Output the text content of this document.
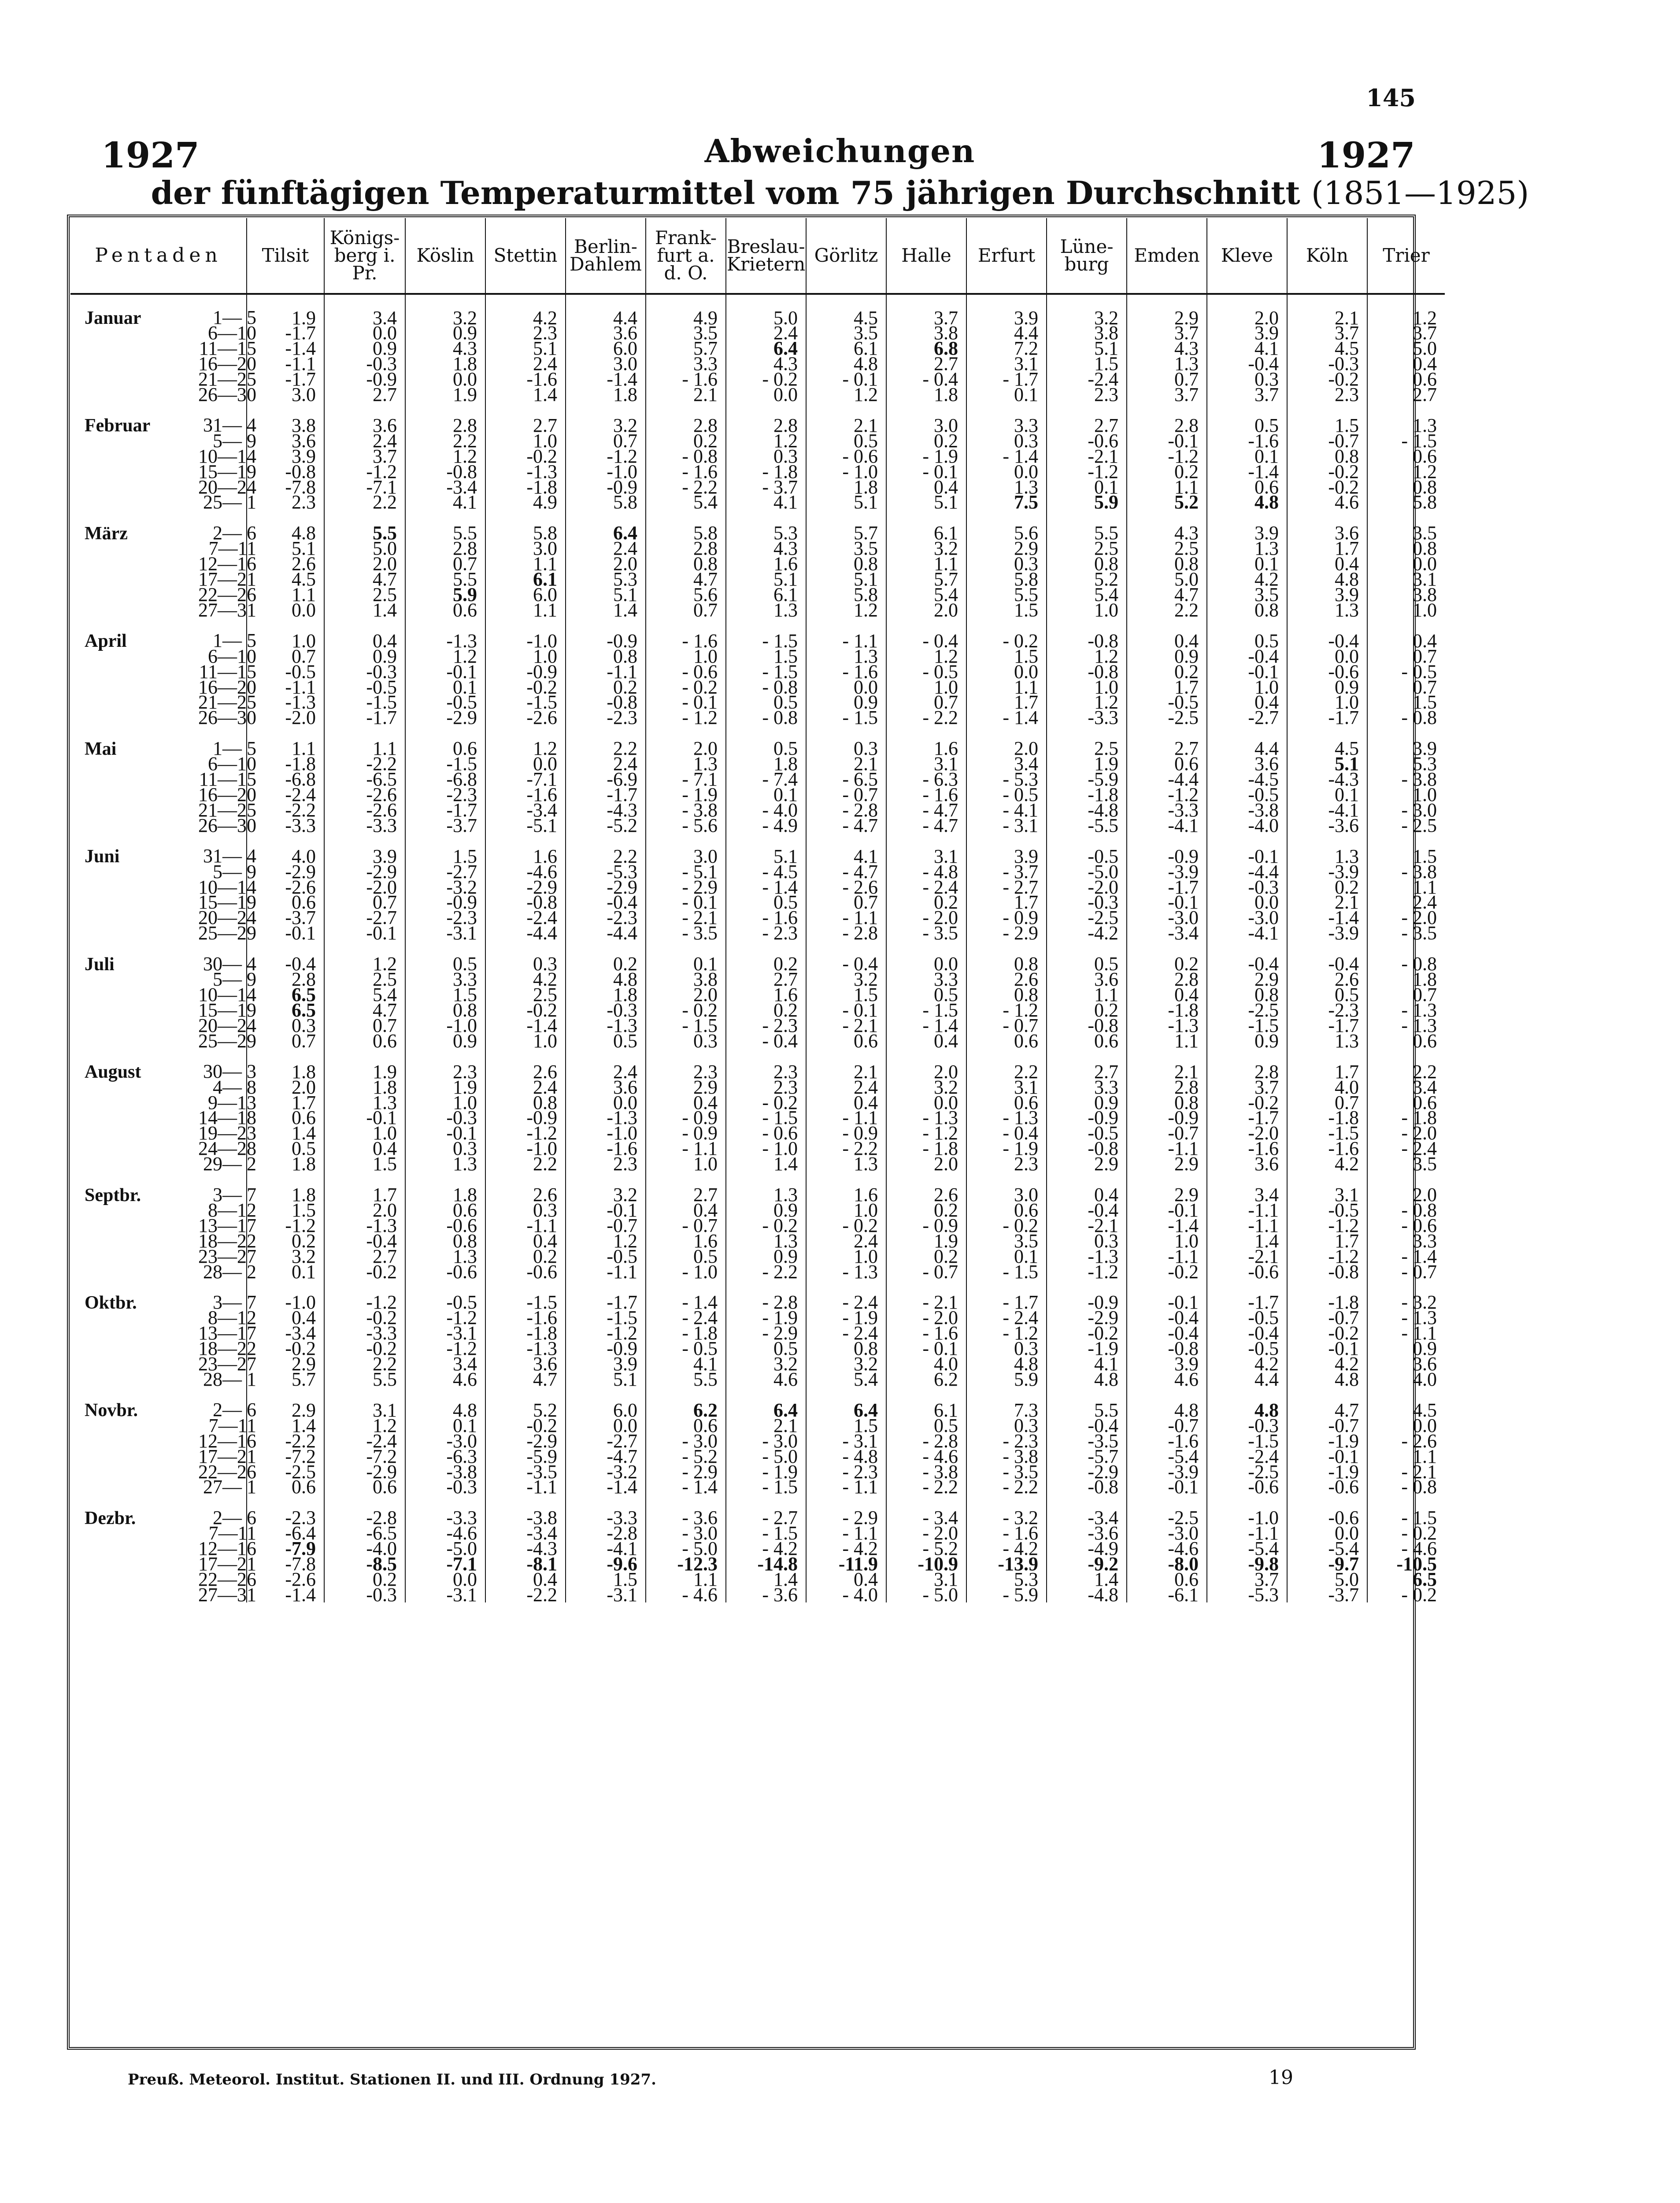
145
1927	1927
Abweichungen
der fünftägigen Temperaturmittel vom 75 jährigen Durchschnitt (1851—1925)
Pentaden	Tilsit	Königs-berg i. Pr.	Köslin	Stettin	Berlin-Dahlem	Frank-furt a. d. O.	Breslau-Krietern	Görlitz	Halle	Erfurt	Lüne-burg	Emden	Kleve	Köln	Trier

Januar 1— 5	1.9	3.4	3.2	4.2	4.4	4.9	5.0	4.5	3.7	3.9	3.2	2.9	2.0	2.1	1.2
6—10	-1.7	0.0	0.9	2.3	3.6	3.5	2.4	3.5	3.8	4.4	3.8	3.7	3.9	3.7	3.7
11—15	-1.4	0.9	4.3	5.1	6.0	5.7	6.4	6.1	6.8	7.2	5.1	4.3	4.1	4.5	5.0
16—20	-1.1	-0.3	1.8	2.4	3.0	3.3	4.3	4.8	2.7	3.1	1.5	1.3	-0.4	-0.3	0.4
21—25	-1.7	-0.9	0.0	-1.6	-1.4	- 1.6	- 0.2	- 0.1	- 0.4	- 1.7	-2.4	0.7	0.3	-0.2	0.6
26—30	3.0	2.7	1.9	1.4	1.8	2.1	0.0	1.2	1.8	0.1	2.3	3.7	3.7	2.3	2.7

Februar 31— 4	3.8	3.6	2.8	2.7	3.2	2.8	2.8	2.1	3.0	3.3	2.7	2.8	0.5	1.5	1.3
5— 9	3.6	2.4	2.2	1.0	0.7	0.2	1.2	0.5	0.2	0.3	-0.6	-0.1	-1.6	-0.7	- 1.5
10—14	3.9	3.7	1.2	-0.2	-1.2	- 0.8	0.3	- 0.6	- 1.9	- 1.4	-2.1	-1.2	0.1	0.8	0.6
15—19	-0.8	-1.2	-0.8	-1.3	-1.0	- 1.6	- 1.8	- 1.0	- 0.1	0.0	-1.2	0.2	-1.4	-0.2	1.2
20—24	-7.8	-7.1	-3.4	-1.8	-0.9	- 2.2	- 3.7	1.8	0.4	1.3	0.1	1.1	0.6	-0.2	0.8
25— 1	2.3	2.2	4.1	4.9	5.8	5.4	4.1	5.1	5.1	7.5	5.9	5.2	4.8	4.6	5.8

März 2— 6	4.8	5.5	5.5	5.8	6.4	5.8	5.3	5.7	6.1	5.6	5.5	4.3	3.9	3.6	3.5
7—11	5.1	5.0	2.8	3.0	2.4	2.8	4.3	3.5	3.2	2.9	2.5	2.5	1.3	1.7	0.8
12—16	2.6	2.0	0.7	1.1	2.0	0.8	1.6	0.8	1.1	0.3	0.8	0.8	0.1	0.4	0.0
17—21	4.5	4.7	5.5	6.1	5.3	4.7	5.1	5.1	5.7	5.8	5.2	5.0	4.2	4.8	3.1
22—26	1.1	2.5	5.9	6.0	5.1	5.6	6.1	5.8	5.4	5.5	5.4	4.7	3.5	3.9	3.8
27—31	0.0	1.4	0.6	1.1	1.4	0.7	1.3	1.2	2.0	1.5	1.0	2.2	0.8	1.3	1.0

April 1— 5	1.0	0.4	-1.3	-1.0	-0.9	- 1.6	- 1.5	- 1.1	- 0.4	- 0.2	-0.8	0.4	0.5	-0.4	0.4
6—10	0.7	0.9	1.2	1.0	0.8	1.0	1.5	1.3	1.2	1.5	1.2	0.9	-0.4	0.0	0.7
11—15	-0.5	-0.3	-0.1	-0.9	-1.1	- 0.6	- 1.5	- 1.6	- 0.5	0.0	-0.8	0.2	-0.1	-0.6	- 0.5
16—20	-1.1	-0.5	0.1	-0.2	0.2	- 0.2	- 0.8	0.0	1.0	1.1	1.0	1.7	1.0	0.9	0.7
21—25	-1.3	-1.5	-0.5	-1.5	-0.8	- 0.1	0.5	0.9	0.7	1.7	1.2	-0.5	0.4	1.0	1.5
26—30	-2.0	-1.7	-2.9	-2.6	-2.3	- 1.2	- 0.8	- 1.5	- 2.2	- 1.4	-3.3	-2.5	-2.7	-1.7	- 0.8

Mai 1— 5	1.1	1.1	0.6	1.2	2.2	2.0	0.5	0.3	1.6	2.0	2.5	2.7	4.4	4.5	3.9
6—10	-1.8	-2.2	-1.5	0.0	2.4	1.3	1.8	2.1	3.1	3.4	1.9	0.6	3.6	5.1	5.3
11—15	-6.8	-6.5	-6.8	-7.1	-6.9	- 7.1	- 7.4	- 6.5	- 6.3	- 5.3	-5.9	-4.4	-4.5	-4.3	- 3.8
16—20	-2.4	-2.6	-2.3	-1.6	-1.7	- 1.9	0.1	- 0.7	- 1.6	- 0.5	-1.8	-1.2	-0.5	0.1	1.0
21—25	-2.2	-2.6	-1.7	-3.4	-4.3	- 3.8	- 4.0	- 2.8	- 4.7	- 4.1	-4.8	-3.3	-3.8	-4.1	- 3.0
26—30	-3.3	-3.3	-3.7	-5.1	-5.2	- 5.6	- 4.9	- 4.7	- 4.7	- 3.1	-5.5	-4.1	-4.0	-3.6	- 2.5

Juni 31— 4	4.0	3.9	1.5	1.6	2.2	3.0	5.1	4.1	3.1	3.9	-0.5	-0.9	-0.1	1.3	1.5
5— 9	-2.9	-2.9	-2.7	-4.6	-5.3	- 5.1	- 4.5	- 4.7	- 4.8	- 3.7	-5.0	-3.9	-4.4	-3.9	- 3.8
10—14	-2.6	-2.0	-3.2	-2.9	-2.9	- 2.9	- 1.4	- 2.6	- 2.4	- 2.7	-2.0	-1.7	-0.3	0.2	1.1
15—19	0.6	0.7	-0.9	-0.8	-0.4	- 0.1	0.5	0.7	0.2	1.7	-0.3	-0.1	0.0	2.1	2.4
20—24	-3.7	-2.7	-2.3	-2.4	-2.3	- 2.1	- 1.6	- 1.1	- 2.0	- 0.9	-2.5	-3.0	-3.0	-1.4	- 2.0
25—29	-0.1	-0.1	-3.1	-4.4	-4.4	- 3.5	- 2.3	- 2.8	- 3.5	- 2.9	-4.2	-3.4	-4.1	-3.9	- 3.5

Juli 30— 4	-0.4	1.2	0.5	0.3	0.2	0.1	0.2	- 0.4	0.0	0.8	0.5	0.2	-0.4	-0.4	- 0.8
5— 9	2.8	2.5	3.3	4.2	4.8	3.8	2.7	3.2	3.3	2.6	3.6	2.8	2.9	2.6	1.8
10—14	6.5	5.4	1.5	2.5	1.8	2.0	1.6	1.5	0.5	0.8	1.1	0.4	0.8	0.5	0.7
15—19	6.5	4.7	0.8	-0.2	-0.3	- 0.2	0.2	- 0.1	- 1.5	- 1.2	0.2	-1.8	-2.5	-2.3	- 1.3
20—24	0.3	0.7	-1.0	-1.4	-1.3	- 1.5	- 2.3	- 2.1	- 1.4	- 0.7	-0.8	-1.3	-1.5	-1.7	- 1.3
25—29	0.7	0.6	0.9	1.0	0.5	0.3	- 0.4	0.6	0.4	0.6	0.6	1.1	0.9	1.3	0.6

August 30— 3	1.8	1.9	2.3	2.6	2.4	2.3	2.3	2.1	2.0	2.2	2.7	2.1	2.8	1.7	2.2
4— 8	2.0	1.8	1.9	2.4	3.6	2.9	2.3	2.4	3.2	3.1	3.3	2.8	3.7	4.0	3.4
9—13	1.7	1.3	1.0	0.8	0.0	0.4	- 0.2	0.4	0.0	0.6	0.9	0.8	-0.2	0.7	0.6
14—18	0.6	-0.1	-0.3	-0.9	-1.3	- 0.9	- 1.5	- 1.1	- 1.3	- 1.3	-0.9	-0.9	-1.7	-1.8	- 1.8
19—23	1.4	1.0	-0.1	-1.2	-1.0	- 0.9	- 0.6	- 0.9	- 1.2	- 0.4	-0.5	-0.7	-2.0	-1.5	- 2.0
24—28	0.5	0.4	0.3	-1.0	-1.6	- 1.1	- 1.0	- 2.2	- 1.8	- 1.9	-0.8	-1.1	-1.6	-1.6	- 2.4
29— 2	1.8	1.5	1.3	2.2	2.3	1.0	1.4	1.3	2.0	2.3	2.9	2.9	3.6	4.2	3.5

Septbr. 3— 7	1.8	1.7	1.8	2.6	3.2	2.7	1.3	1.6	2.6	3.0	0.4	2.9	3.4	3.1	2.0
8—12	1.5	2.0	0.6	0.3	-0.1	0.4	0.9	1.0	0.2	0.6	-0.4	-0.1	-1.1	-0.5	- 0.8
13—17	-1.2	-1.3	-0.6	-1.1	-0.7	- 0.7	- 0.2	- 0.2	- 0.9	- 0.2	-2.1	-1.4	-1.1	-1.2	- 0.6
18—22	0.2	-0.4	0.8	0.4	1.2	1.6	1.3	2.4	1.9	3.5	0.3	1.0	1.4	1.7	3.3
23—27	3.2	2.7	1.3	0.2	-0.5	0.5	0.9	1.0	0.2	0.1	-1.3	-1.1	-2.1	-1.2	- 1.4
28— 2	0.1	-0.2	-0.6	-0.6	-1.1	- 1.0	- 2.2	- 1.3	- 0.7	- 1.5	-1.2	-0.2	-0.6	-0.8	- 0.7

Oktbr. 3— 7	-1.0	-1.2	-0.5	-1.5	-1.7	- 1.4	- 2.8	- 2.4	- 2.1	- 1.7	-0.9	-0.1	-1.7	-1.8	- 3.2
8—12	0.4	-0.2	-1.2	-1.6	-1.5	- 2.4	- 1.9	- 1.9	- 2.0	- 2.4	-2.9	-0.4	-0.5	-0.7	- 1.3
13—17	-3.4	-3.3	-3.1	-1.8	-1.2	- 1.8	- 2.9	- 2.4	- 1.6	- 1.2	-0.2	-0.4	-0.4	-0.2	- 1.1
18—22	-0.2	-0.2	-1.2	-1.3	-0.9	- 0.5	0.5	0.8	- 0.1	0.3	-1.9	-0.8	-0.5	-0.1	0.9
23—27	2.9	2.2	3.4	3.6	3.9	4.1	3.2	3.2	4.0	4.8	4.1	3.9	4.2	4.2	3.6
28— 1	5.7	5.5	4.6	4.7	5.1	5.5	4.6	5.4	6.2	5.9	4.8	4.6	4.4	4.8	4.0

Novbr. 2— 6	2.9	3.1	4.8	5.2	6.0	6.2	6.4	6.4	6.1	7.3	5.5	4.8	4.8	4.7	4.5
7—11	1.4	1.2	0.1	-0.2	0.0	0.6	2.1	1.5	0.5	0.3	-0.4	-0.7	-0.3	-0.7	0.0
12—16	-2.2	-2.4	-3.0	-2.9	-2.7	- 3.0	- 3.0	- 3.1	- 2.8	- 2.3	-3.5	-1.6	-1.5	-1.9	- 2.6
17—21	-7.2	-7.2	-6.3	-5.9	-4.7	- 5.2	- 5.0	- 4.8	- 4.6	- 3.8	-5.7	-5.4	-2.4	-0.1	1.1
22—26	-2.5	-2.9	-3.8	-3.5	-3.2	- 2.9	- 1.9	- 2.3	- 3.8	- 3.5	-2.9	-3.9	-2.5	-1.9	- 2.1
27— 1	0.6	0.6	-0.3	-1.1	-1.4	- 1.4	- 1.5	- 1.1	- 2.2	- 2.2	-0.8	-0.1	-0.6	-0.6	- 0.8

Dezbr. 2— 6	-2.3	-2.8	-3.3	-3.8	-3.3	- 3.6	- 2.7	- 2.9	- 3.4	- 3.2	-3.4	-2.5	-1.0	-0.6	- 1.5
7—11	-6.4	-6.5	-4.6	-3.4	-2.8	- 3.0	- 1.5	- 1.1	- 2.0	- 1.6	-3.6	-3.0	-1.1	0.0	- 0.2
12—16	-7.9	-4.0	-5.0	-4.3	-4.1	- 5.0	- 4.2	- 4.2	- 5.2	- 4.2	-4.9	-4.6	-5.4	-5.4	- 4.6
17—21	-7.8	-8.5	-7.1	-8.1	-9.6	-12.3	-14.8	-11.9	-10.9	-13.9	-9.2	-8.0	-9.8	-9.7	-10.5
22—26	-2.6	0.2	0.0	0.4	1.5	1.1	1.4	0.4	3.1	5.3	1.4	0.6	3.7	5.0	6.5
27—31	-1.4	-0.3	-3.1	-2.2	-3.1	- 4.6	- 3.6	- 4.0	- 5.0	- 5.9	-4.8	-6.1	-5.3	-3.7	- 0.2
Preuß. Meteorol. Institut. Stationen II. und III. Ordnung 1927.	19
